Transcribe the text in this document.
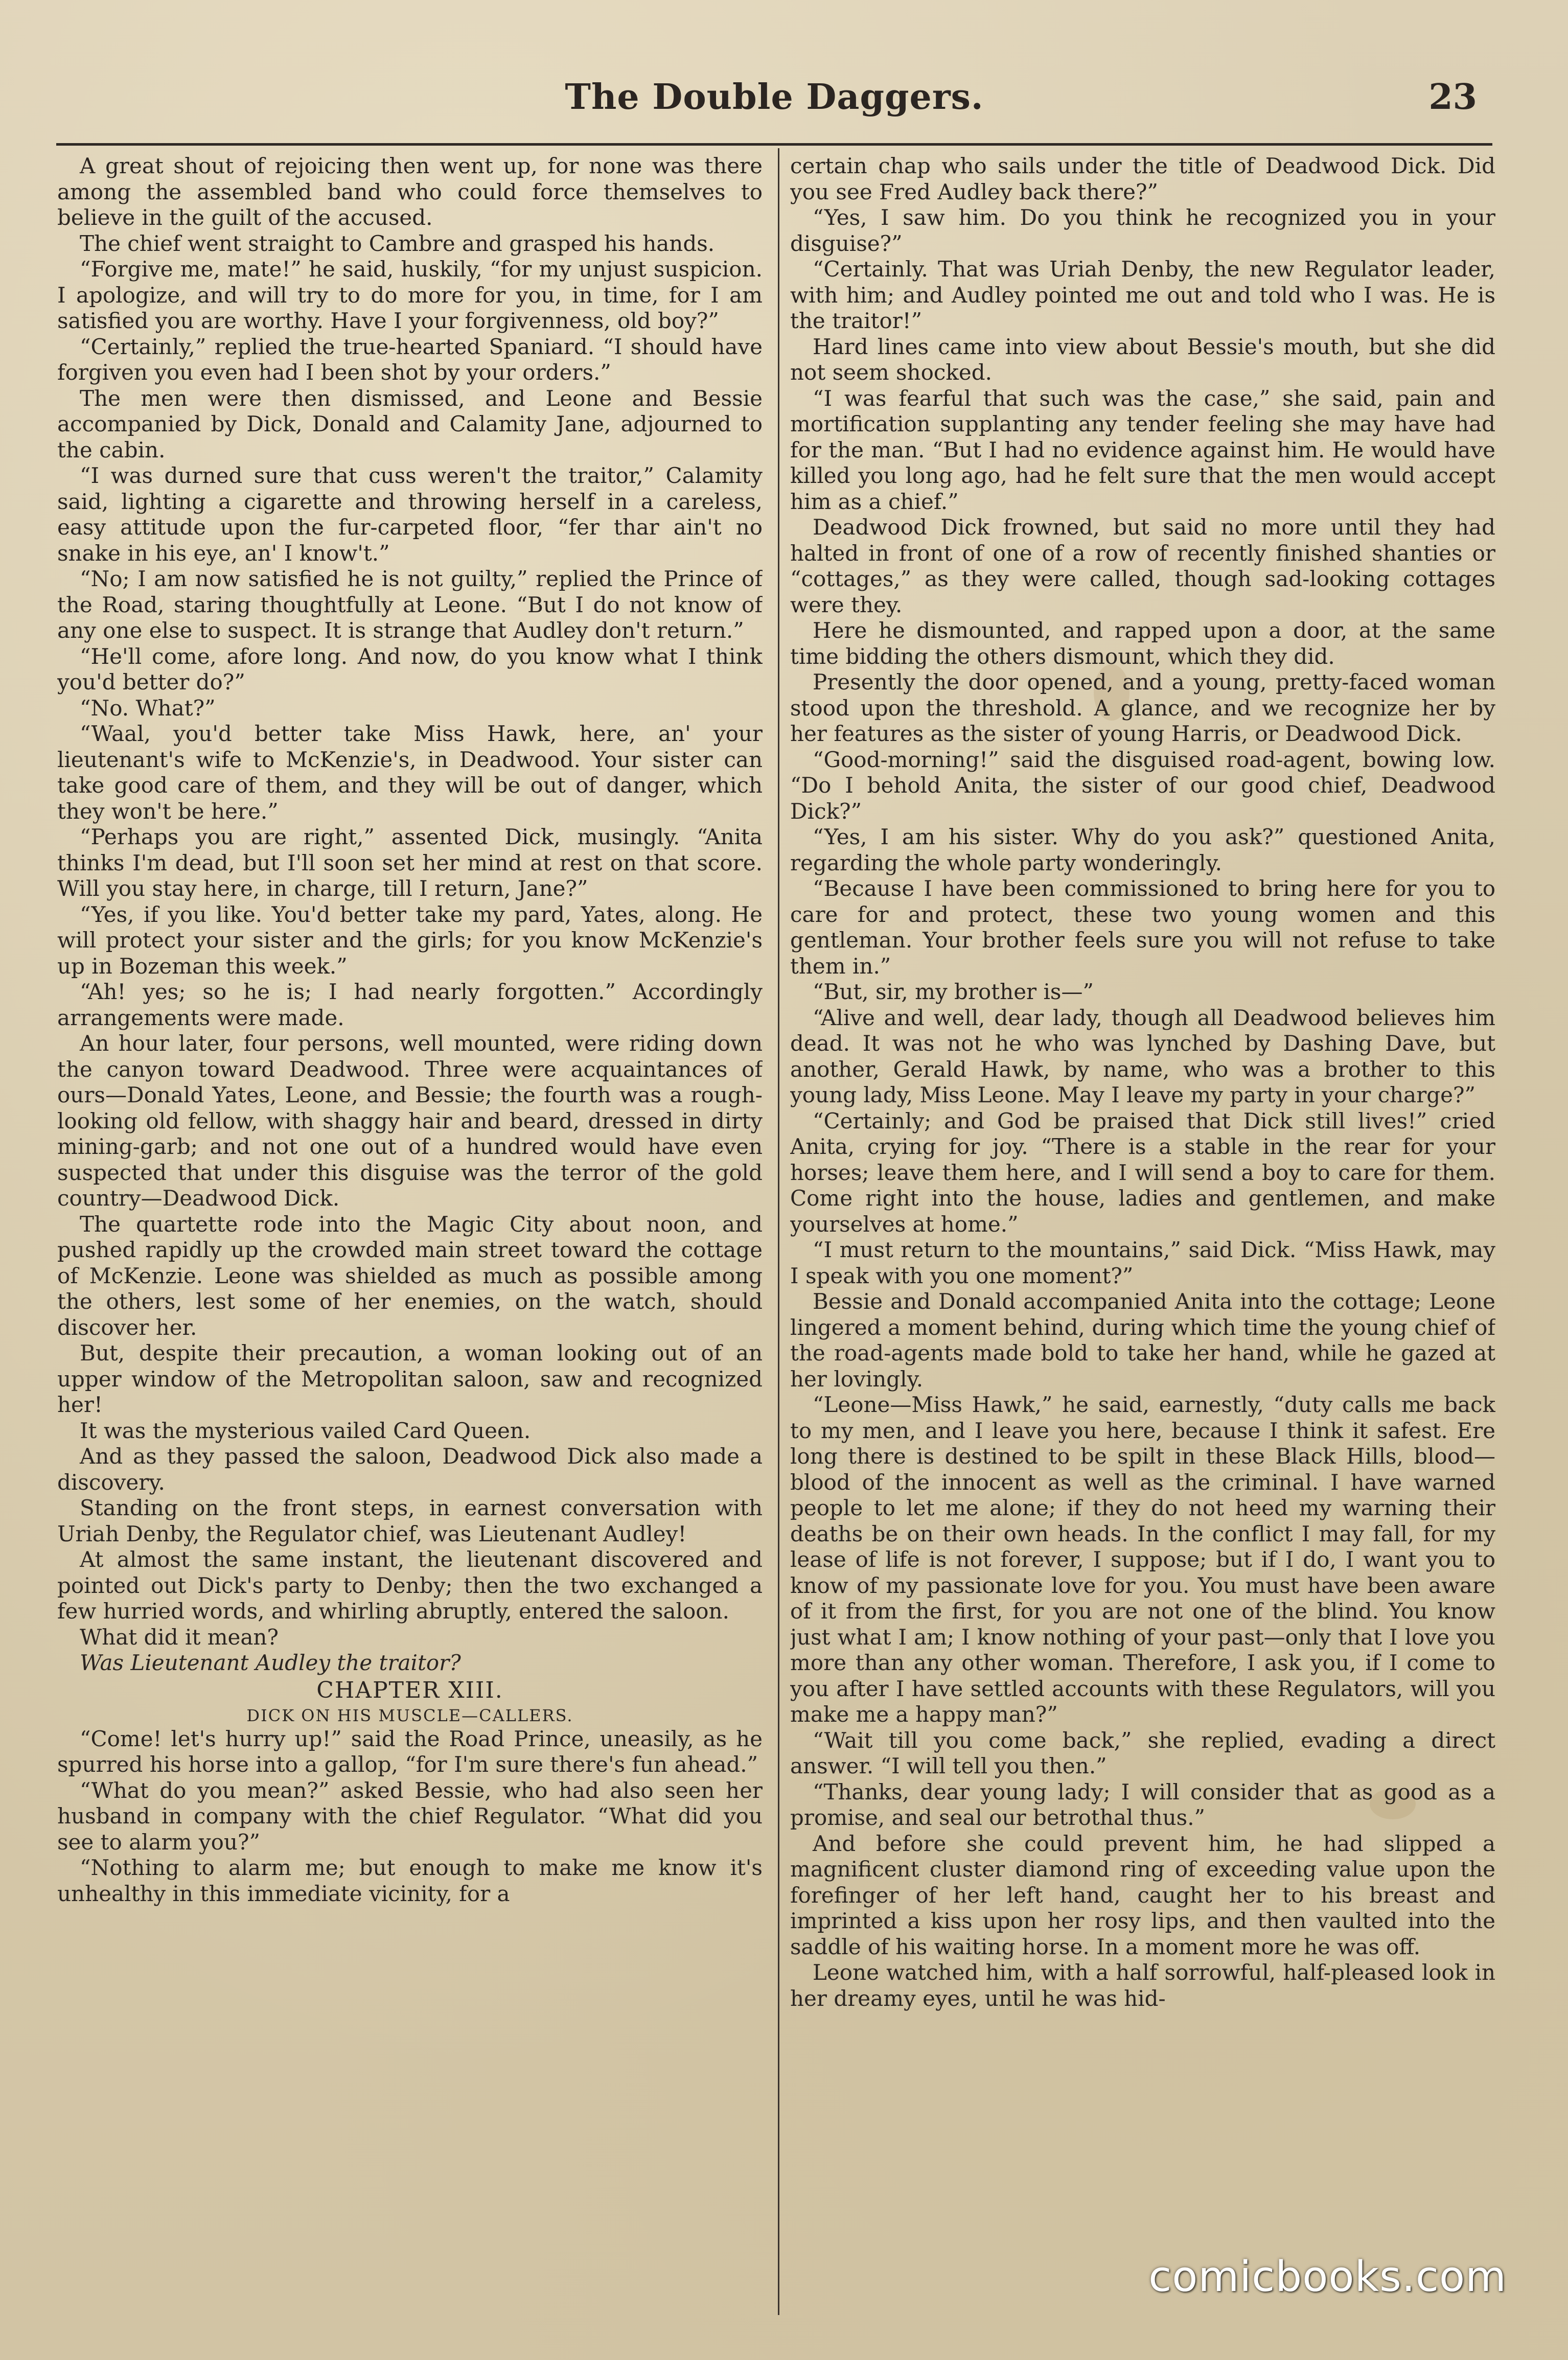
The Double Daggers.	23

A great shout of rejoicing then went up, for none was there among the assembled band who could force themselves to believe in the guilt of the accused.

The chief went straight to Cambre and grasped his hands.

“Forgive me, mate!” he said, huskily, “for my unjust suspicion. I apologize, and will try to do more for you, in time, for I am satisfied you are worthy. Have I your forgivenness, old boy?”

“Certainly,” replied the true-hearted Spaniard. “I should have forgiven you even had I been shot by your orders.”

The men were then dismissed, and Leone and Bessie accompanied by Dick, Donald and Calamity Jane, adjourned to the cabin.

“I was durned sure that cuss weren't the traitor,” Calamity said, lighting a cigarette and throwing herself in a careless, easy attitude upon the fur-carpeted floor, “fer thar ain't no snake in his eye, an' I know't.”

“No; I am now satisfied he is not guilty,” replied the Prince of the Road, staring thoughtfully at Leone. “But I do not know of any one else to suspect. It is strange that Audley don't return.”

“He'll come, afore long. And now, do you know what I think you'd better do?”

“No. What?”

“Waal, you'd better take Miss Hawk, here, an' your lieutenant's wife to McKenzie's, in Deadwood. Your sister can take good care of them, and they will be out of danger, which they won't be here.”

“Perhaps you are right,” assented Dick, musingly. “Anita thinks I'm dead, but I'll soon set her mind at rest on that score. Will you stay here, in charge, till I return, Jane?”

“Yes, if you like. You'd better take my pard, Yates, along. He will protect your sister and the girls; for you know McKenzie's up in Bozeman this week.”

“Ah! yes; so he is; I had nearly forgotten.” Accordingly arrangements were made.

An hour later, four persons, well mounted, were riding down the canyon toward Deadwood. Three were acquaintances of ours—Donald Yates, Leone, and Bessie; the fourth was a rough-looking old fellow, with shaggy hair and beard, dressed in dirty mining-garb; and not one out of a hundred would have even suspected that under this disguise was the terror of the gold country—Deadwood Dick.

The quartette rode into the Magic City about noon, and pushed rapidly up the crowded main street toward the cottage of McKenzie. Leone was shielded as much as possible among the others, lest some of her enemies, on the watch, should discover her.

But, despite their precaution, a woman looking out of an upper window of the Metropolitan saloon, saw and recognized her!

It was the mysterious vailed Card Queen.

And as they passed the saloon, Deadwood Dick also made a discovery.

Standing on the front steps, in earnest conversation with Uriah Denby, the Regulator chief, was Lieutenant Audley!

At almost the same instant, the lieutenant discovered and pointed out Dick's party to Denby; then the two exchanged a few hurried words, and whirling abruptly, entered the saloon.

What did it mean?

Was Lieutenant Audley the traitor?

CHAPTER XIII.

DICK ON HIS MUSCLE—CALLERS.

“Come! let's hurry up!” said the Road Prince, uneasily, as he spurred his horse into a gallop, “for I'm sure there's fun ahead.”

“What do you mean?” asked Bessie, who had also seen her husband in company with the chief Regulator. “What did you see to alarm you?”

“Nothing to alarm me; but enough to make me know it's unhealthy in this immediate vicinity, for a

certain chap who sails under the title of Deadwood Dick. Did you see Fred Audley back there?”

“Yes, I saw him. Do you think he recognized you in your disguise?”

“Certainly. That was Uriah Denby, the new Regulator leader, with him; and Audley pointed me out and told who I was. He is the traitor!”

Hard lines came into view about Bessie's mouth, but she did not seem shocked.

“I was fearful that such was the case,” she said, pain and mortification supplanting any tender feeling she may have had for the man. “But I had no evidence against him. He would have killed you long ago, had he felt sure that the men would accept him as a chief.”

Deadwood Dick frowned, but said no more until they had halted in front of one of a row of recently finished shanties or “cottages,” as they were called, though sad-looking cottages were they.

Here he dismounted, and rapped upon a door, at the same time bidding the others dismount, which they did.

Presently the door opened, and a young, pretty-faced woman stood upon the threshold. A glance, and we recognize her by her features as the sister of young Harris, or Deadwood Dick.

“Good-morning!” said the disguised road-agent, bowing low. “Do I behold Anita, the sister of our good chief, Deadwood Dick?”

“Yes, I am his sister. Why do you ask?” questioned Anita, regarding the whole party wonderingly.

“Because I have been commissioned to bring here for you to care for and protect, these two young women and this gentleman. Your brother feels sure you will not refuse to take them in.”

“But, sir, my brother is—”

“Alive and well, dear lady, though all Deadwood believes him dead. It was not he who was lynched by Dashing Dave, but another, Gerald Hawk, by name, who was a brother to this young lady, Miss Leone. May I leave my party in your charge?”

“Certainly; and God be praised that Dick still lives!” cried Anita, crying for joy. “There is a stable in the rear for your horses; leave them here, and I will send a boy to care for them. Come right into the house, ladies and gentlemen, and make yourselves at home.”

“I must return to the mountains,” said Dick. “Miss Hawk, may I speak with you one moment?”

Bessie and Donald accompanied Anita into the cottage; Leone lingered a moment behind, during which time the young chief of the road-agents made bold to take her hand, while he gazed at her lovingly.

“Leone—Miss Hawk,” he said, earnestly, “duty calls me back to my men, and I leave you here, because I think it safest. Ere long there is destined to be spilt in these Black Hills, blood—blood of the innocent as well as the criminal. I have warned people to let me alone; if they do not heed my warning their deaths be on their own heads. In the conflict I may fall, for my lease of life is not forever, I suppose; but if I do, I want you to know of my passionate love for you. You must have been aware of it from the first, for you are not one of the blind. You know just what I am; I know nothing of your past—only that I love you more than any other woman. Therefore, I ask you, if I come to you after I have settled accounts with these Regulators, will you make me a happy man?”

“Wait till you come back,” she replied, evading a direct answer. “I will tell you then.”

“Thanks, dear young lady; I will consider that as good as a promise, and seal our betrothal thus.”

And before she could prevent him, he had slipped a magnificent cluster diamond ring of exceeding value upon the forefinger of her left hand, caught her to his breast and imprinted a kiss upon her rosy lips, and then vaulted into the saddle of his waiting horse. In a moment more he was off.

Leone watched him, with a half sorrowful, half-pleased look in her dreamy eyes, until he was hid-

comicbooks.com
